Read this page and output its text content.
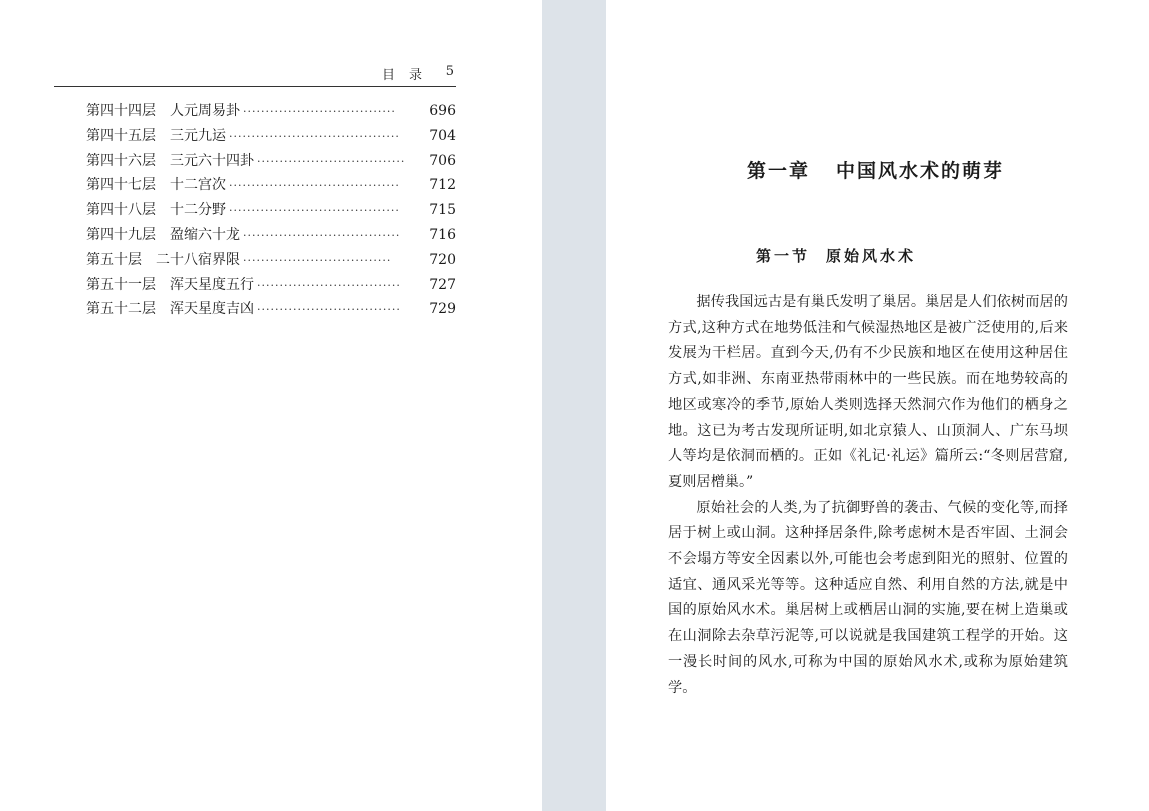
目录 5
第四十四层 人元周易卦 ··································	696
第四十五层 三元九运 ······································	704
第四十六层 三元六十四卦 ·································	706
第四十七层 十二宫次 ······································	712
第四十八层 十二分野 ······································	715
第四十九层 盈缩六十龙 ···································	716
第五十层 二十八宿界限 ·································	720
第五十一层 浑天星度五行 ································	727
第五十二层 浑天星度吉凶 ································	729
第一章 中国风水术的萌芽
第一节 原始风水术

据传我国远古是有巢氏发明了巢居。巢居是人们依树而居的方式,这种方式在地势低洼和气候湿热地区是被广泛使用的,后来发展为干栏居。直到今天,仍有不少民族和地区在使用这种居住方式,如非洲、东南亚热带雨林中的一些民族。而在地势较高的地区或寒冷的季节,原始人类则选择天然洞穴作为他们的栖身之地。这已为考古发现所证明,如北京猿人、山顶洞人、广东马坝人等均是依洞而栖的。正如《礼记·礼运》篇所云:“冬则居营窟,夏则居橧巢。”

原始社会的人类,为了抗御野兽的袭击、气候的变化等,而择居于树上或山洞。这种择居条件,除考虑树木是否牢固、土洞会不会塌方等安全因素以外,可能也会考虑到阳光的照射、位置的适宜、通风采光等等。这种适应自然、利用自然的方法,就是中国的原始风水术。巢居树上或栖居山洞的实施,要在树上造巢或在山洞除去杂草污泥等,可以说就是我国建筑工程学的开始。这一漫长时间的风水,可称为中国的原始风水术,或称为原始建筑学。
